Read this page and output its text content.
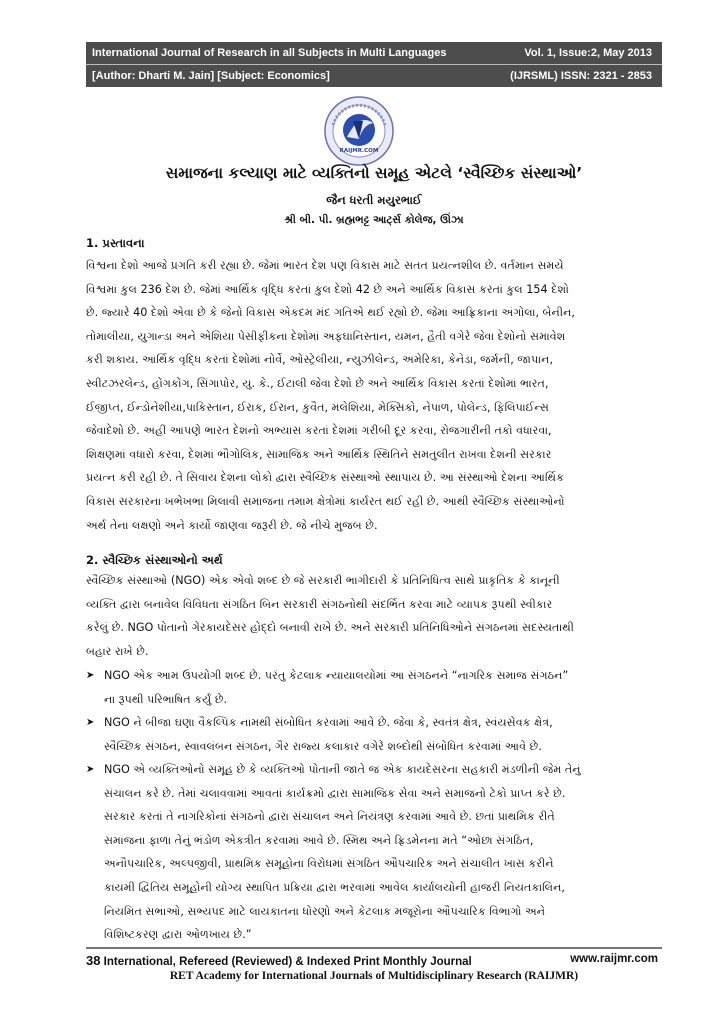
International Journal of Research in all Subjects in Multi Languages	Vol. 1, Issue:2, May 2013
[Author: Dharti M. Jain] [Subject: Economics]	(IJRSML) ISSN: 2321 - 2853
RAIJMR.COM
સમાજના કલ્યાણ માટે વ્યક્તિનો સમૂહ એટલે ‘સ્વૈચ્છિક સંસ્થાઓ’
જૈન ધરતી મયુરભાઈ
શ્રી બી. પી. બ્રહ્મભટ્ટ આર્ટ્સ કોલેજ, ઊંઝા
1. પ્રસ્તાવના
વિશ્વના દેશો આજે પ્રગતિ કરી રહ્યા છે. જેમાં ભારત દેશ પણ વિકાસ માટે સતત પ્રયત્નશીલ છે. વર્તમાન સમયે
વિશ્વમાં કુલ 236 દેશ છે. જેમાં આર્થિક વૃદ્ધિ કરતાં કુલ દેશો 42 છે અને આર્થિક વિકાસ કરતાં કુલ 154 દેશો
છે. જ્યારે 40 દેશો એવા છે કે જેનો વિકાસ એકદમ મંદ ગતિએ થઈ રહ્યો છે. જેમાં આફ્રિકાના અંગોલા, બેનીન,
તોમાલીયા, યુગાન્ડા અને એશિયા પેસીફીકના દેશોમાં અફઘાનિસ્તાન, યમન, હૈતી વગેરે જેવા દેશોનો સમાવેશ
કરી શકાય. આર્થિક વૃદ્ધિ કરતાં દેશોમાં નોર્વે, ઓસ્ટ્રેલીયા, ન્યુઝીલેન્ડ, અમેરિકા, કેનેડા, જર્મની, જાપાન,
સ્વીટઝરલેન્ડ, હોંગકોંગ, સિંગાપોર, યુ. કે., ઈટાલી જેવા દેશો છે અને આર્થિક વિકાસ કરતાં દેશોમાં ભારત,
ઈજીપ્ત, ઈન્ડોનેશીયા,પાકિસ્તાન, ઈરાક, ઈરાન, કુવૈત, મલેશિયા, મેક્સિકો, નેપાળ, પોલેન્ડ, ફિલિપાઈન્સ
જેવાદેશો છે. અહીં આપણે ભારત દેશનો અભ્યાસ કરતાં દેશમાં ગરીબી દૂર કરવા, રોજગારીની તકો વધારવા,
શિક્ષણમાં વધારો કરવા, દેશમાં ભૌગોલિક, સામાજિક અને આર્થિક સ્થિતિને સમતુલીત રાખવા દેશની સરકાર
પ્રયત્ન કરી રહી છે. તે સિવાય દેશના લોકો દ્વારા સ્વૈચ્છિક સંસ્થાઓ સ્થાપાય છે. આ સંસ્થાઓ દેશના આર્થિક
વિકાસ સરકારના ખભેખભા મિલાવી સમાજના તમામ ક્ષેત્રોમાં કાર્યરત થઈ રહી છે. આથી સ્વૈચ્છિક સંસ્થાઓનો
અર્થ તેના લક્ષણો અને કાર્યો જાણવા જરૂરી છે. જે નીચે મુજબ છે.
2. સ્વૈચ્છિક સંસ્થાઓનો અર્થ
સ્વૈચ્છિક સંસ્થાઓ (NGO) એક એવો શબ્દ છે જે સરકારી ભાગીદારી કે પ્રતિનિધિત્વ સાથે પ્રાકૃતિક કે કાનૂની
વ્યક્તિ દ્વારા બનાવેલ વિવિધતા સંગઠિત બિન સરકારી સંગઠનોથી સંદર્ભિત કરવા માટે વ્યાપક રૂપથી સ્વીકાર
કરેલું છે. NGO પોતાનો ગેરકાયદેસર હોદ્દો બનાવી રાખે છે. અને સરકારી પ્રતિનિધિઓને સંગઠનમાં સદસ્યતાથી
બહાર રાખે છે.
➤ NGO એક આમ ઉપયોગી શબ્દ છે. પરંતુ કેટલાક ન્યાયાલયોમાં આ સંગઠનને “નાગરિક સમાજ સંગઠન”
ના રૂપથી પરિભાષિત કર્યું છે.
➤ NGO ને બીજા ઘણા વૈકલ્પિક નામથી સંબોધિત કરવામાં આવે છે. જેવા કે, સ્વતંત્ર ક્ષેત્ર, સ્વંયસેવક ક્ષેત્ર,
સ્વૈચ્છિક સંગઠન, સ્વાવલંબન સંગઠન, ગૈર રાજ્ય કલાકાર વગેરે શબ્દોથી સંબોધિત કરવામાં આવે છે.
➤ NGO એ વ્યક્તિઓનો સમૂહ છે કે વ્યક્તિઓ પોતાની જાતે જ એક કાયદેસરના સહકારી મંડળીની જેમ તેનું
સંચાલન કરે છે. તેમાં ચલાવવામાં આવતાં કાર્યક્રમો દ્વારા સામાજિક સેવા અને સમાજનો ટેકો પ્રાપ્ત કરે છે.
સરકાર કરતાં તે નાગરિકોનાં સંગઠનો દ્વારા સંચાલન અને નિયંત્રણ કરવામાં આવે છે. છતાં પ્રાથમિક રીતે
સમાજના ફાળા તેનું ભંડોળ એકત્રીત કરવામાં આવે છે. સ્મિથ અને ફ્રિડમેનના મતે “ઓછા સંગઠિત,
અનૌપચારિક, અલ્પજીવી, પ્રાથમિક સમૂહોના વિરોધમાં સંગઠિત ઔપચારિક અને સંચાલીત ખાસ કરીને
કાયમી દ્વિતિય સમૂહોની યોગ્ય સ્થાપિત પ્રક્રિયા દ્વારા ભરવામાં આવેલ કાર્યાલયોની હાજરી નિયતકાલિન,
નિયમિત સભાઓ, સભ્યપદ માટે લાયકાતના ધોરણો અને કેટલાક મજૂરોના ઔપચારિક વિભાગો અને
વિશિષ્ટકરણ દ્વારા ઓળખાય છે.”
38 International, Refereed (Reviewed) & Indexed Print Monthly Journal	www.raijmr.com
RET Academy for International Journals of Multidisciplinary Research (RAIJMR)
